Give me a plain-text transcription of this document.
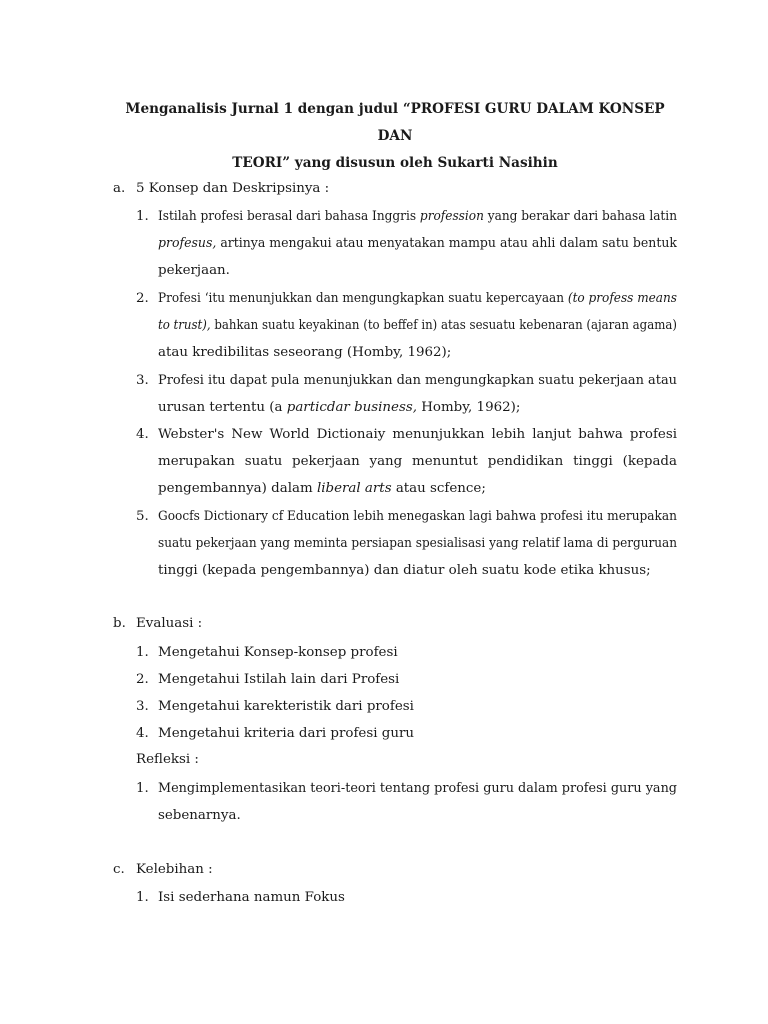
Menganalisis Jurnal 1 dengan judul “PROFESI GURU DALAM KONSEP DAN
TEORI” yang disusun oleh Sukarti Nasihin
a. 5 Konsep dan Deskripsinya :
1. Istilah profesi berasal dari bahasa Inggris profession yang berakar dari bahasa latin
profesus, artinya mengakui atau menyatakan mampu atau ahli dalam satu bentuk
pekerjaan.
2. Profesi ‘itu menunjukkan dan mengungkapkan suatu kepercayaan (to profess means
to trust), bahkan suatu keyakinan (to beffef in) atas sesuatu kebenaran (ajaran agama)
atau kredibilitas seseorang (Homby, 1962);
3. Profesi itu dapat pula menunjukkan dan mengungkapkan suatu pekerjaan atau
urusan tertentu (a particdar business, Homby, 1962);
4. Webster's New World Dictionaiy menunjukkan lebih lanjut bahwa profesi
merupakan suatu pekerjaan yang menuntut pendidikan tinggi (kepada
pengembannya) dalam liberal arts atau scfence;
5. Goocfs Dictionary cf Education lebih menegaskan lagi bahwa profesi itu merupakan
suatu pekerjaan yang meminta persiapan spesialisasi yang relatif lama di perguruan
tinggi (kepada pengembannya) dan diatur oleh suatu kode etika khusus;
b. Evaluasi :
1. Mengetahui Konsep-konsep profesi
2. Mengetahui Istilah lain dari Profesi
3. Mengetahui karekteristik dari profesi
4. Mengetahui kriteria dari profesi guru
Refleksi :
1. Mengimplementasikan teori-teori tentang profesi guru dalam profesi guru yang
sebenarnya.
c. Kelebihan :
1. Isi sederhana namun Fokus
